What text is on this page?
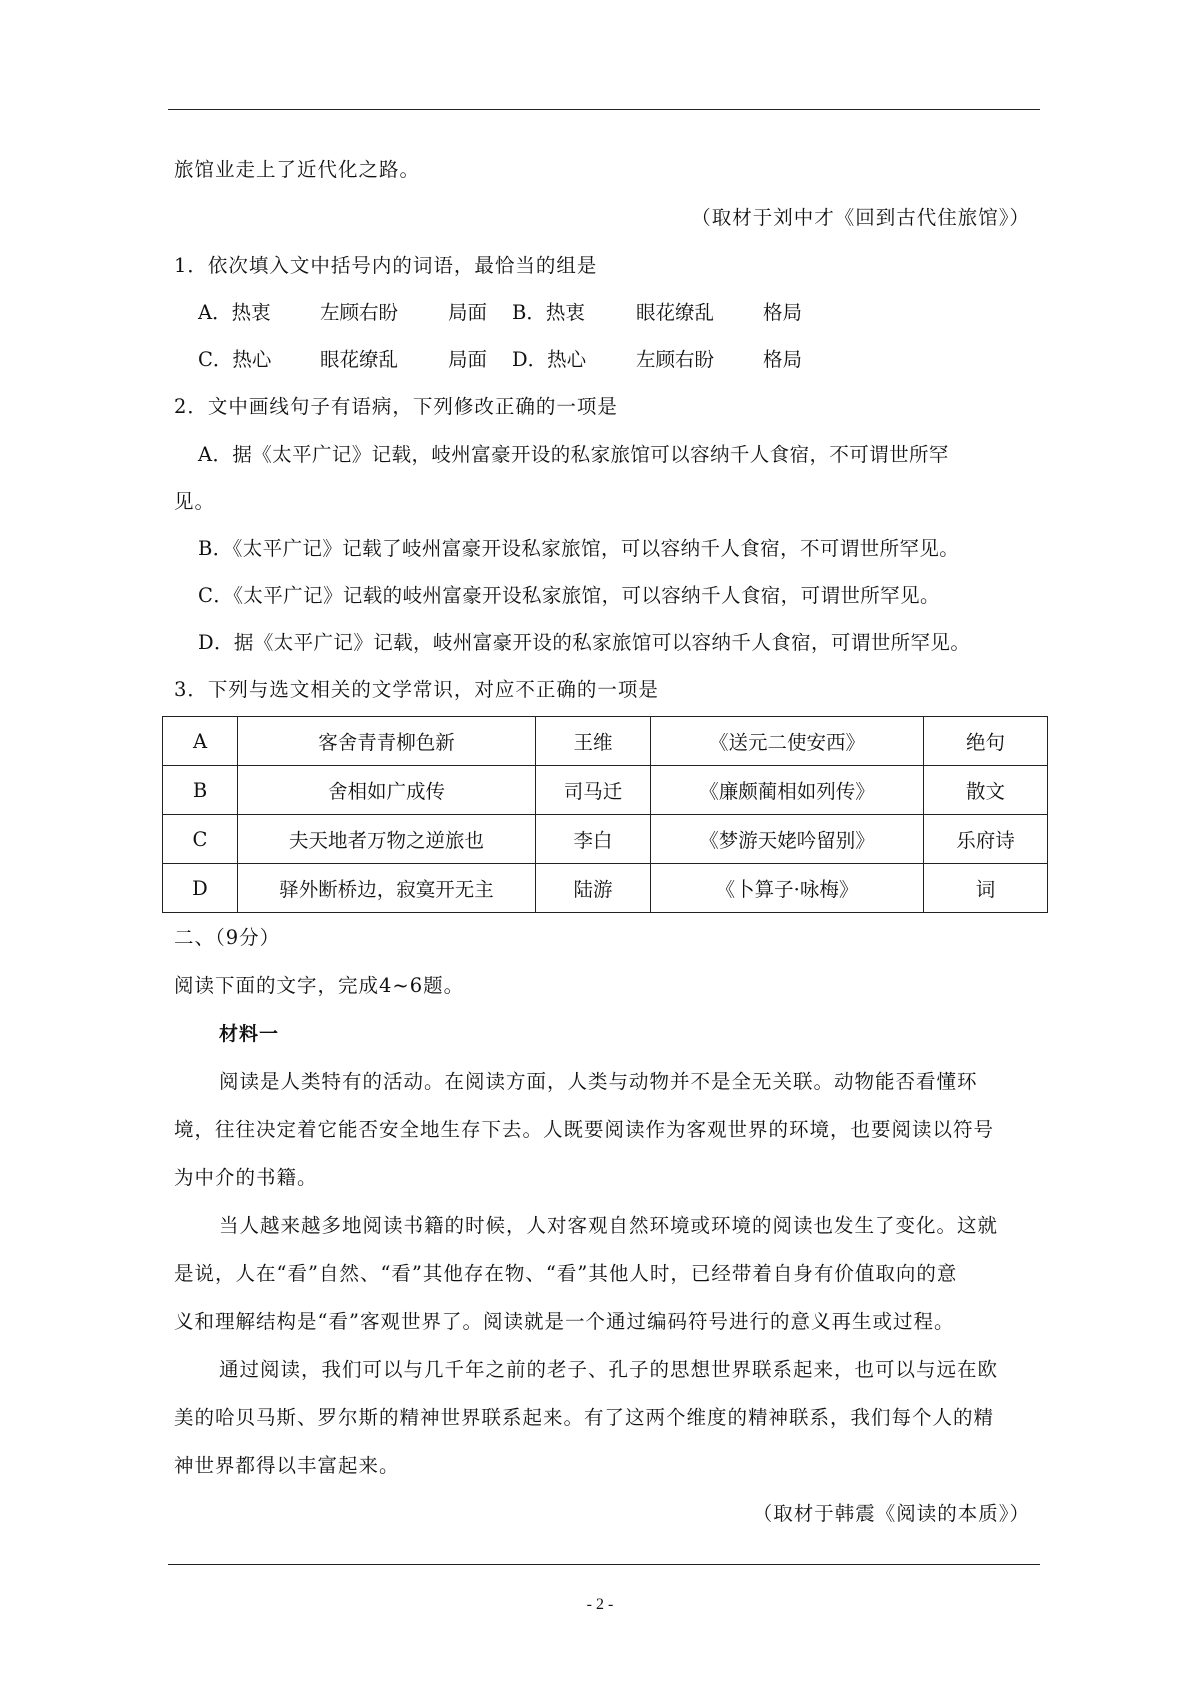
旅馆业走上了近代化之路。
（取材于刘中才《回到古代住旅馆》）
1．依次填入文中括号内的词语，最恰当的组是
A．热衷	左顾右盼	局面 B．热衷	眼花缭乱	格局
C．热心 眼花缭乱	局面 D．热心	左顾右盼	格局
2．文中画线句子有语病，下列修改正确的一项是
A．据《太平广记》记载，岐州富豪开设的私家旅馆可以容纳千人食宿，不可谓世所罕
见。
B．《太平广记》记载了岐州富豪开设私家旅馆，可以容纳千人食宿，不可谓世所罕见。
C．《太平广记》记载的岐州富豪开设私家旅馆，可以容纳千人食宿，可谓世所罕见。
D．据《太平广记》记载，岐州富豪开设的私家旅馆可以容纳千人食宿，可谓世所罕见。
3．下列与选文相关的文学常识，对应不正确的一项是
A	客舍青青柳色新	王维	《送元二使安西》	绝句
B	舍相如广成传	司马迁	《廉颇蔺相如列传》	散文
C	夫天地者万物之逆旅也	李白	《梦游天姥吟留别》	乐府诗
D	驿外断桥边，寂寞开无主	陆游	《卜算子·咏梅》	词
二、（9分）
阅读下面的文字，完成4~6题。
材料一
阅读是人类特有的活动。在阅读方面，人类与动物并不是全无关联。动物能否看懂环
境，往往决定着它能否安全地生存下去。人既要阅读作为客观世界的环境，也要阅读以符号
为中介的书籍。
当人越来越多地阅读书籍的时候，人对客观自然环境或环境的阅读也发生了变化。这就
是说，人在“看”自然、“看”其他存在物、“看”其他人时，已经带着自身有价值取向的意
义和理解结构是“看”客观世界了。阅读就是一个通过编码符号进行的意义再生或过程。
通过阅读，我们可以与几千年之前的老子、孔子的思想世界联系起来，也可以与远在欧
美的哈贝马斯、罗尔斯的精神世界联系起来。有了这两个维度的精神联系，我们每个人的精
神世界都得以丰富起来。
（取材于韩震《阅读的本质》）
- 2 -
